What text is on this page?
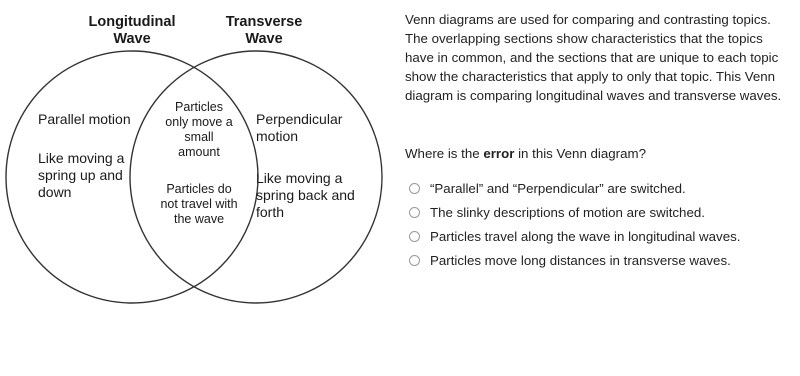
Longitudinal
Wave
Transverse
Wave
Parallel motion
Like moving a spring up and down
Particles only move a small amount
Particles do not travel with the wave
Perpendicular motion
Like moving a spring back and forth

Venn diagrams are used for comparing and contrasting topics. The overlapping sections show characteristics that the topics have in common, and the sections that are unique to each topic show the characteristics that apply to only that topic. This Venn diagram is comparing longitudinal waves and transverse waves.

Where is the error in this Venn diagram?
“Parallel” and “Perpendicular” are switched.
The slinky descriptions of motion are switched.
Particles travel along the wave in longitudinal waves.
Particles move long distances in transverse waves.
